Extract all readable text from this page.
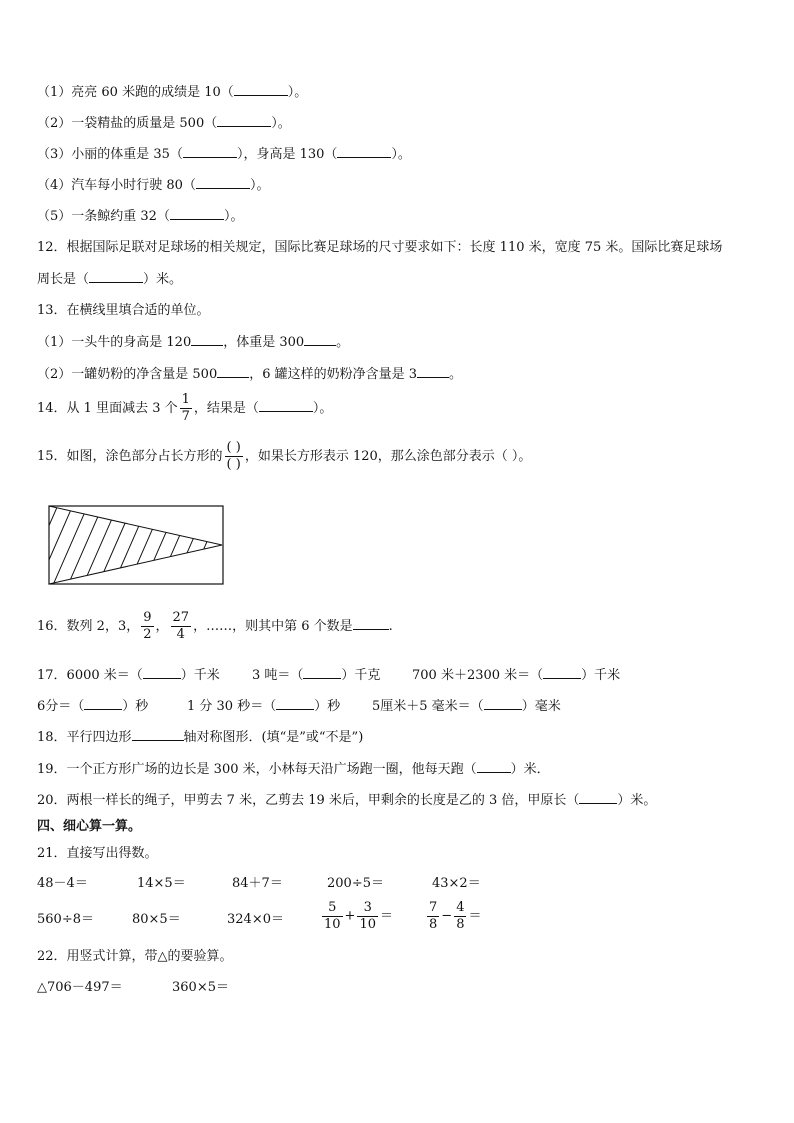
（1）亮亮 60 米跑的成绩是 10（	）。
（2）一袋精盐的质量是 500（	）。
（3）小丽的体重是 35（	），身高是 130（	）。
（4）汽车每小时行驶 80（	）。
（5）一条鲸约重 32（	）。
12．根据国际足联对足球场的相关规定，国际比赛足球场的尺寸要求如下：长度 110 米，宽度 75 米。国际比赛足球场
周长是（	）米。
13．在横线里填合适的单位。
（1）一头牛的身高是 120 ，体重是 300 。
（2）一罐奶粉的净含量是 500 ，6 罐这样的奶粉净含量是 3 。
14．从 1 里面减去 3 个 $\frac{1}{7}$ ，结果是（	）。
15．如图，涂色部分占长方形的 $\frac{( )}{( )}$ ，如果长方形表示 120，那么涂色部分表示（ ）。
16．数列 2，3， $\frac{9}{2}$ ， $\frac{27}{4}$ ，……，则其中第 6 个数是	.
17．6000 米＝（	）千米 3 吨＝（	）千克 700 米＋2300 米＝（	）千米
6分＝（	）秒	1 分 30 秒＝（	）秒 5厘米＋5 毫米＝（	）毫米
18．平行四边形	轴对称图形．(填“是”或“不是”)
19．一个正方形广场的边长是 300 米，小林每天沿广场跑一圈，他每天跑（	）米．
20．两根一样长的绳子，甲剪去 7 米，乙剪去 19 米后，甲剩余的长度是乙的 3 倍，甲原长（	）米。
四、细心算一算。
21．直接写出得数。
48－4＝	14×5＝	84＋7＝	200÷5＝	43×2＝
560÷8＝	80×5＝	324×0＝	$\frac{5}{10} + \frac{3}{10}$ ＝	$\frac{7}{8} - \frac{4}{8}$ ＝
22．用竖式计算，带△的要验算。
△706－497＝	360×5＝
